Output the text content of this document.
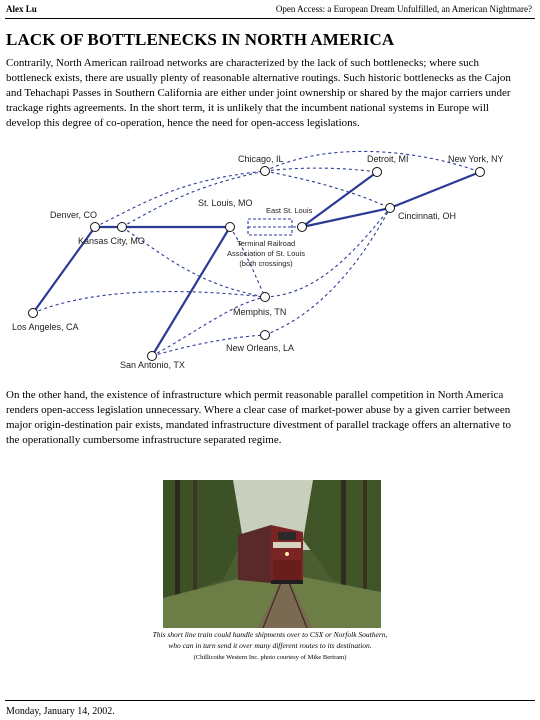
Alex Lu	Open Access: a European Dream Unfulfilled, an American Nightmare?
LACK OF BOTTLENECKS IN NORTH AMERICA
Contrarily, North American railroad networks are characterized by the lack of such bottlenecks; where such bottleneck exists, there are usually plenty of reasonable alternative routings. Such historic bottlenecks as the Cajon and Tehachapi Passes in Southern California are either under joint ownership or shared by the major carriers under trackage rights agreements. In the short term, it is unlikely that the incumbent national systems in Europe will develop this degree of co-operation, hence the need for open-access legislations.
Chicago, IL	Detroit, MI	New York, NY
Denver, CO
St. Louis, MO
East St. Louis
Cincinnati, OH
Kansas City, MO	Terminal Railroad
Association of St. Louis
(both crossings)
Los Angeles, CA
Memphis, TN
New Orleans, LA
San Antonio, TX
On the other hand, the existence of infrastructure which permit reasonable parallel competition in North America renders open-access legislation unnecessary. Where a clear case of market-power abuse by a given carrier between major origin-destination pair exists, mandated infrastructure divestment of parallel trackage offers an alternative to the operationally cumbersome infrastructure separated regime.
This short line train could handle shipments over to CSX or Norfolk Southern,
who can in turn send it over many different routes to its destination.
(Chillicothe Western Inc. photo courtesy of Mike Bertram)
Monday, January 14, 2002.
